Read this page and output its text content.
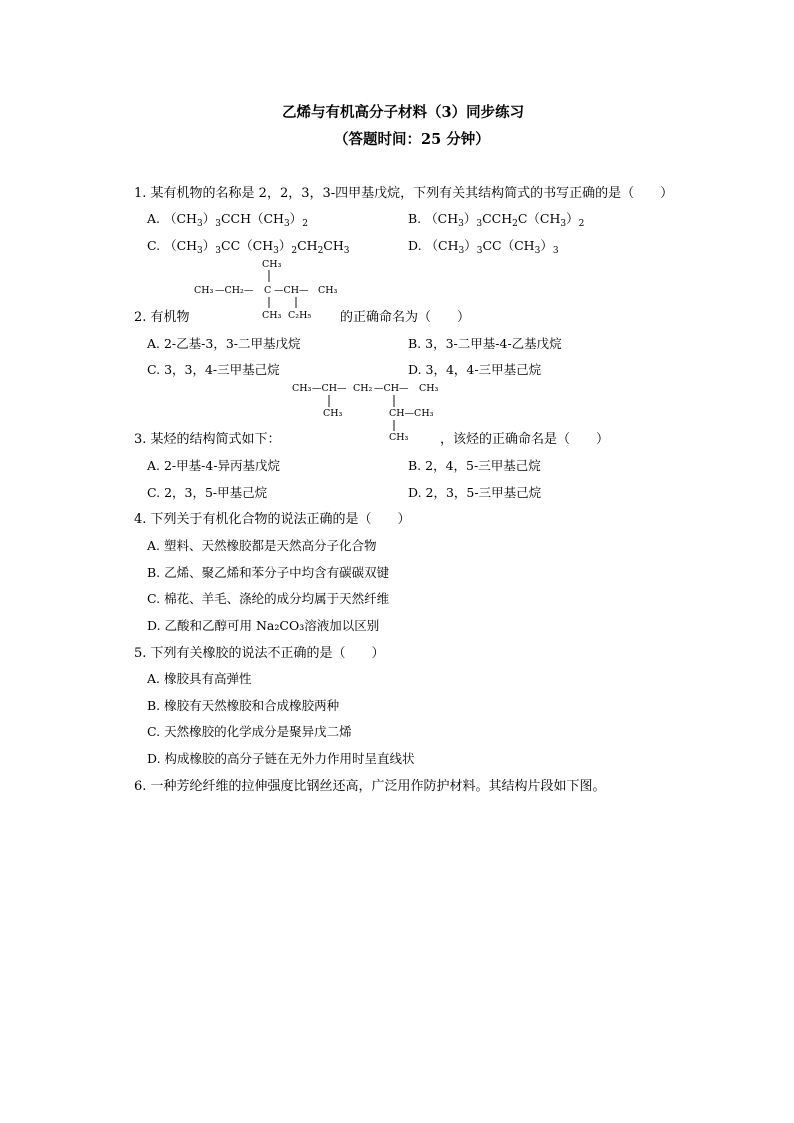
乙烯与有机高分子材料（3）同步练习
（答题时间：25 分钟）
1. 某有机物的名称是 2，2，3，3-四甲基戊烷，下列有关其结构简式的书写正确的是（　　）
A. $(CH_3)_3CCH(CH_3)_2$	B. $(CH_3)_3CCH_2C(CH_3)_2$
C. $(CH_3)_3CC(CH_3)_2CH_2CH_3$	D. $(CH_3)_3CC(CH_3)_3$
CH₃
CH₃ —CH₂— C —CH— CH₃
CH₃ C₂H₅
2. 有机物	的正确命名为（　　）
A. 2-乙基-3，3-二甲基戊烷	B. 3，3-二甲基-4-乙基戊烷
C. 3，3，4-三甲基己烷	D. 3，4，4-三甲基己烷
CH₃ —CH— CH₂ —CH— CH₃
CH₃	CH—CH₃
CH₃
3. 某烃的结构简式如下：	，该烃的正确命名是（　　）
A. 2-甲基-4-异丙基戊烷	B. 2，4，5-三甲基己烷
C. 2，3，5-甲基己烷	D. 2，3，5-三甲基己烷
4. 下列关于有机化合物的说法正确的是（　　）
A. 塑料、天然橡胶都是天然高分子化合物
B. 乙烯、聚乙烯和苯分子中均含有碳碳双键
C. 棉花、羊毛、涤纶的成分均属于天然纤维
D. 乙酸和乙醇可用 Na₂CO₃溶液加以区别
5. 下列有关橡胶的说法不正确的是（　　）
A. 橡胶具有高弹性
B. 橡胶有天然橡胶和合成橡胶两种
C. 天然橡胶的化学成分是聚异戊二烯
D. 构成橡胶的高分子链在无外力作用时呈直线状
6. 一种芳纶纤维的拉伸强度比钢丝还高，广泛用作防护材料。其结构片段如下图。
